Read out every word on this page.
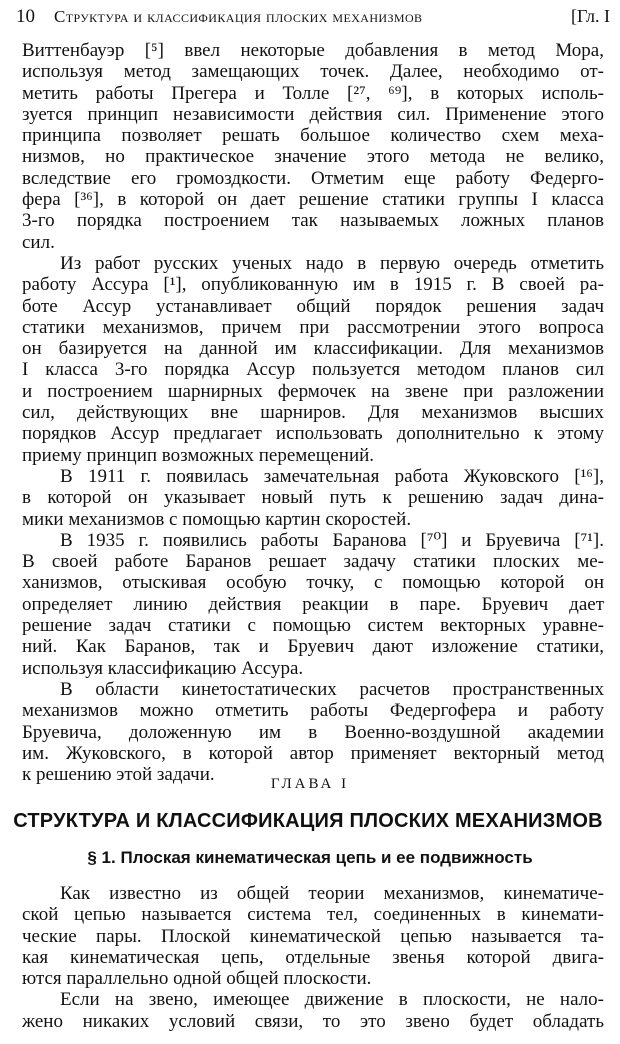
10	Структура и классификация плоских механизмов	[Гл. I

Виттенбауэр [⁵] ввел некоторые добавления в метод Мора,
используя метод замещающих точек. Далее, необходимо от-
метить работы Прегера и Толле [²⁷, ⁶⁹], в которых исполь-
зуется принцип независимости действия сил. Применение этого
принципа позволяет решать большое количество схем меха-
низмов, но практическое значение этого метода не велико,
вследствие его громоздкости. Отметим еще работу Федерго-
фера [³⁶], в которой он дает решение статики группы I класса
3-го порядка построением так называемых ложных планов
сил.

Из работ русских ученых надо в первую очередь отметить
работу Ассура [¹], опубликованную им в 1915 г. В своей ра-
боте Ассур устанавливает общий порядок решения задач
статики механизмов, причем при рассмотрении этого вопроса
он базируется на данной им классификации. Для механизмов
I класса 3-го порядка Ассур пользуется методом планов сил
и построением шарнирных фермочек на звене при разложении
сил, действующих вне шарниров. Для механизмов высших
порядков Ассур предлагает использовать дополнительно к этому
приему принцип возможных перемещений.

В 1911 г. появилась замечательная работа Жуковского [¹⁶],
в которой он указывает новый путь к решению задач дина-
мики механизмов с помощью картин скоростей.

В 1935 г. появились работы Баранова [⁷⁰] и Бруевича [⁷¹].
В своей работе Баранов решает задачу статики плоских ме-
ханизмов, отыскивая особую точку, с помощью которой он
определяет линию действия реакции в паре. Бруевич дает
решение задач статики с помощью систем векторных уравне-
ний. Как Баранов, так и Бруевич дают изложение статики,
используя классификацию Ассура.

В области кинетостатических расчетов пространственных
механизмов можно отметить работы Федергофера и работу
Бруевича, доложенную им в Военно-воздушной академии
им. Жуковского, в которой автор применяет векторный метод
к решению этой задачи.	ГЛАВА I
СТРУКТУРА И КЛАССИФИКАЦИЯ ПЛОСКИХ МЕХАНИЗМОВ
§ 1. Плоская кинематическая цепь и ее подвижность

Как известно из общей теории механизмов, кинематиче-
ской цепью называется система тел, соединенных в кинемати-
ческие пары. Плоской кинематической цепью называется та-
кая кинематическая цепь, отдельные звенья которой двига-
ются параллельно одной общей плоскости.

Если на звено, имеющее движение в плоскости, не нало-
жено никаких условий связи, то это звено будет обладать
